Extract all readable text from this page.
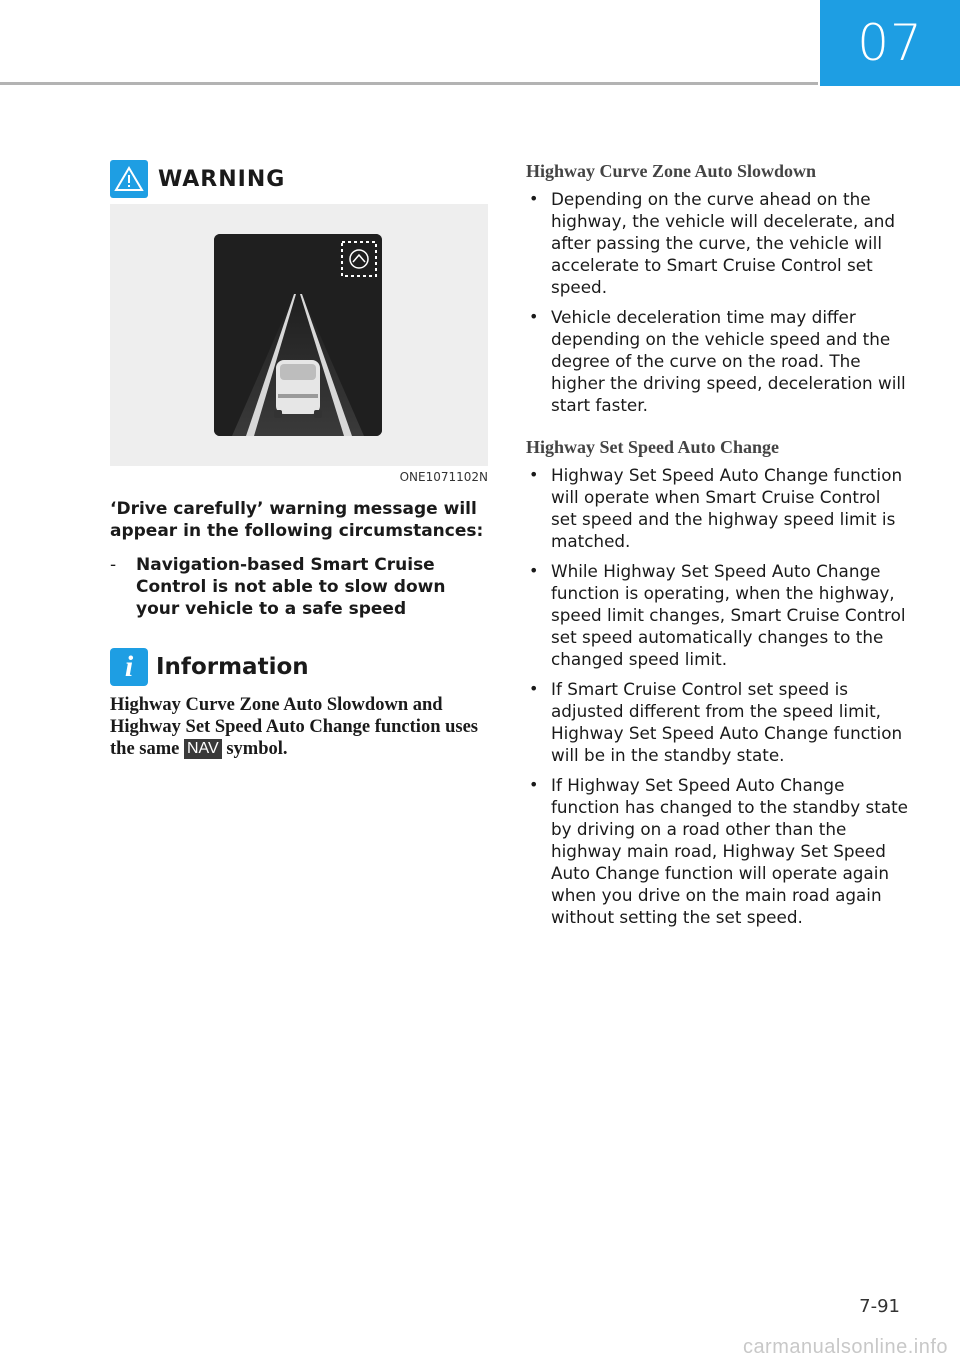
07
WARNING
ONE1071102N
‘Drive carefully’ warning message will appear in the following circumstances:
-	Navigation-based Smart Cruise Control is not able to slow down your vehicle to a safe speed
i Information
Highway Curve Zone Auto Slowdown and Highway Set Speed Auto Change function uses the same NAV symbol.
Highway Curve Zone Auto Slowdown
• Depending on the curve ahead on the highway, the vehicle will decelerate, and after passing the curve, the vehicle will accelerate to Smart Cruise Control set speed.
• Vehicle deceleration time may differ depending on the vehicle speed and the degree of the curve on the road. The higher the driving speed, deceleration will start faster.
Highway Set Speed Auto Change
• Highway Set Speed Auto Change function will operate when Smart Cruise Control set speed and the highway speed limit is matched.
• While Highway Set Speed Auto Change function is operating, when the highway, speed limit changes, Smart Cruise Control set speed automatically changes to the changed speed limit.
• If Smart Cruise Control set speed is adjusted different from the speed limit, Highway Set Speed Auto Change function will be in the standby state.
• If Highway Set Speed Auto Change function has changed to the standby state by driving on a road other than the highway main road, Highway Set Speed Auto Change function will operate again when you drive on the main road again without setting the set speed.
7-91
carmanualsonline.info
